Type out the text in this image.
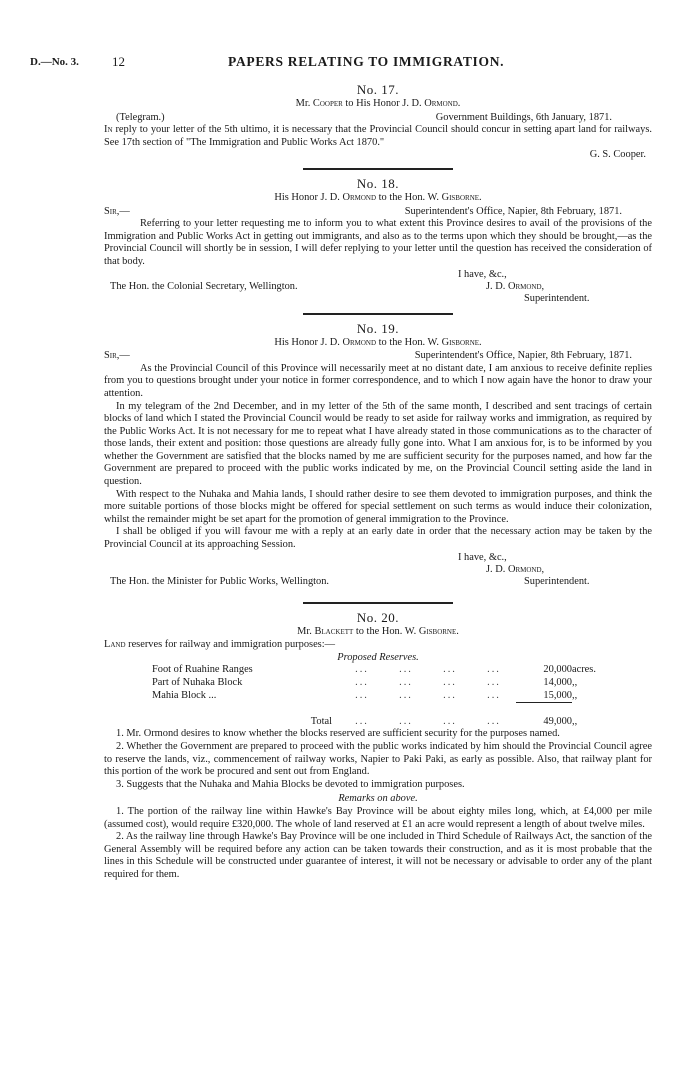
D.—No. 3.	12	PAPERS RELATING TO IMMIGRATION.
No. 17.
Mr. Cooper to His Honor J. D. Ormond.
(Telegram.)	Government Buildings, 6th January, 1871.

In reply to your letter of the 5th ultimo, it is necessary that the Provincial Council should concur in setting apart land for railways. See 17th section of "The Immigration and Public Works Act 1870."

G. S. Cooper.
No. 18.
His Honor J. D. Ormond to the Hon. W. Gisborne.
Sir,—	Superintendent's Office, Napier, 8th February, 1871.

Referring to your letter requesting me to inform you to what extent this Province desires to avail of the provisions of the Immigration and Public Works Act in getting out immigrants, and also as to the terms upon which they should be brought,—as the Provincial Council will shortly be in session, I will defer replying to your letter until the question has received the consideration of that body.

I have, &c.,
J. D. Ormond,
Superintendent.
The Hon. the Colonial Secretary, Wellington.
No. 19.
His Honor J. D. Ormond to the Hon. W. Gisborne.
Sir,—	Superintendent's Office, Napier, 8th February, 1871.

As the Provincial Council of this Province will necessarily meet at no distant date, I am anxious to receive definite replies from you to questions brought under your notice in former correspondence, and to which I now again have the honor to draw your attention.

In my telegram of the 2nd December, and in my letter of the 5th of the same month, I described and sent tracings of certain blocks of land which I stated the Provincial Council would be ready to set aside for railway works and immigration, as required by the Public Works Act. It is not necessary for me to repeat what I have already stated in those communications as to the character of those lands, their extent and position: those questions are already fully gone into. What I am anxious for, is to be informed by you whether the Government are satisfied that the blocks named by me are sufficient security for the purposes named, and how far the Government are prepared to proceed with the public works indicated by me, on the Provincial Council setting aside the land in question.

With respect to the Nuhaka and Mahia lands, I should rather desire to see them devoted to immigration purposes, and think the more suitable portions of those blocks might be offered for special settlement on such terms as would induce their colonization, whilst the remainder might be set apart for the promotion of general immigration to the Province.

I shall be obliged if you will favour me with a reply at an early date in order that the necessary action may be taken by the Provincial Council at its approaching Session.

I have, &c.,
J. D. Ormond,
Superintendent.
The Hon. the Minister for Public Works, Wellington.
No. 20.
Mr. Blackett to the Hon. W. Gisborne.

Land reserves for railway and immigration purposes:—

Proposed Reserves.
Foot of Ruahine Ranges	...	...	...	...	20,000	acres.
Part of Nuhaka Block	...	...	...	...	14,000	,,
Mahia Block ...	...	...	...	...	15,000	,,

Total	...	...	...	...	49,000	,,

1. Mr. Ormond desires to know whether the blocks reserved are sufficient security for the purposes named.

2. Whether the Government are prepared to proceed with the public works indicated by him should the Provincial Council agree to reserve the lands, viz., commencement of railway works, Napier to Paki Paki, as early as possible. Also, that railway plant for this portion of the work be procured and sent out from England.

3. Suggests that the Nuhaka and Mahia Blocks be devoted to immigration purposes.

Remarks on above.

1. The portion of the railway line within Hawke's Bay Province will be about eighty miles long, which, at £4,000 per mile (assumed cost), would require £320,000. The whole of land reserved at £1 an acre would represent a length of about twelve miles.

2. As the railway line through Hawke's Bay Province will be one included in Third Schedule of Railways Act, the sanction of the General Assembly will be required before any action can be taken towards their construction, and as it is most probable that the lines in this Schedule will be constructed under guarantee of interest, it will not be necessary or advisable to order any of the plant required for them.
